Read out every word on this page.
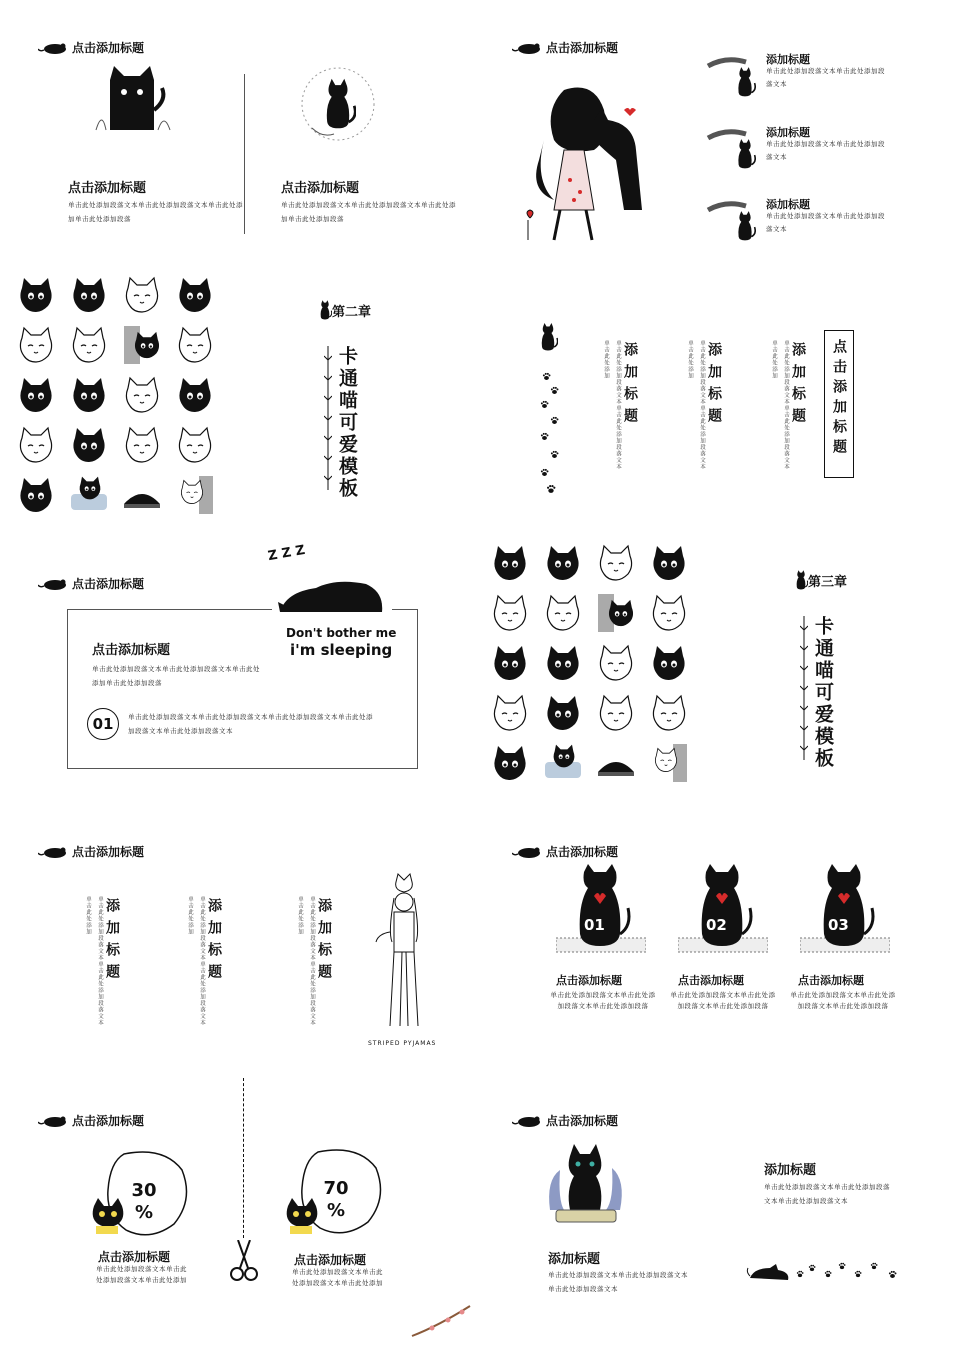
点击添加标题
点击添加标题
单击此处添加段落文本单击此处添加段落文本单击此处添加单击此处添加段落
点击添加标题
单击此处添加段落文本单击此处添加段落文本单击此处添加单击此处添加段落
点击添加标题
添加标题
单击此处添加段落文本单击此处添加段落文本
添加标题
单击此处添加段落文本单击此处添加段落文本
添加标题
单击此处添加段落文本单击此处添加段落文本
第二章
卡通喵可爱模板	单击此处添加段落文本单击此处添加段落文本单击此处添加 添加标题	单击此处添加段落文本单击此处添加段落文本单击此处添加 添加标题	单击此处添加段落文本单击此处添加段落文本单击此处添加 添加标题 点击添加标题
点击添加标题
Z Z Z
Don't bother me
i'm sleeping
点击添加标题
单击此处添加段落文本单击此处添加段落文本单击此处添加单击此处添加段落
01	单击此处添加段落文本单击此处添加段落文本单击此处添加段落文本单击此处添加段落文本单击此处添加段落文本
第三章
卡通喵可爱模板
点击添加标题
单击此处添加段落文本单击此处添加段落文本单击此处添加 添加标题	单击此处添加段落文本单击此处添加段落文本单击此处添加 添加标题	单击此处添加段落文本单击此处添加段落文本单击此处添加 添加标题
STRIPED PYJAMAS
点击添加标题
01
点击添加标题
单击此处添加段落文本单击此处添加段落文本单击此处添加段落
02
点击添加标题
单击此处添加段落文本单击此处添加段落文本单击此处添加段落
03
点击添加标题
单击此处添加段落文本单击此处添加段落文本单击此处添加段落
点击添加标题
30 %
点击添加标题
单击此处添加段落文本单击此处添加段落文本单击此处添加
70 %
点击添加标题
单击此处添加段落文本单击此处添加段落文本单击此处添加
点击添加标题
添加标题
单击此处添加段落文本单击此处添加段落文本单击此处添加段落文本
添加标题
单击此处添加段落文本单击此处添加段落文本单击此处添加段落文本
